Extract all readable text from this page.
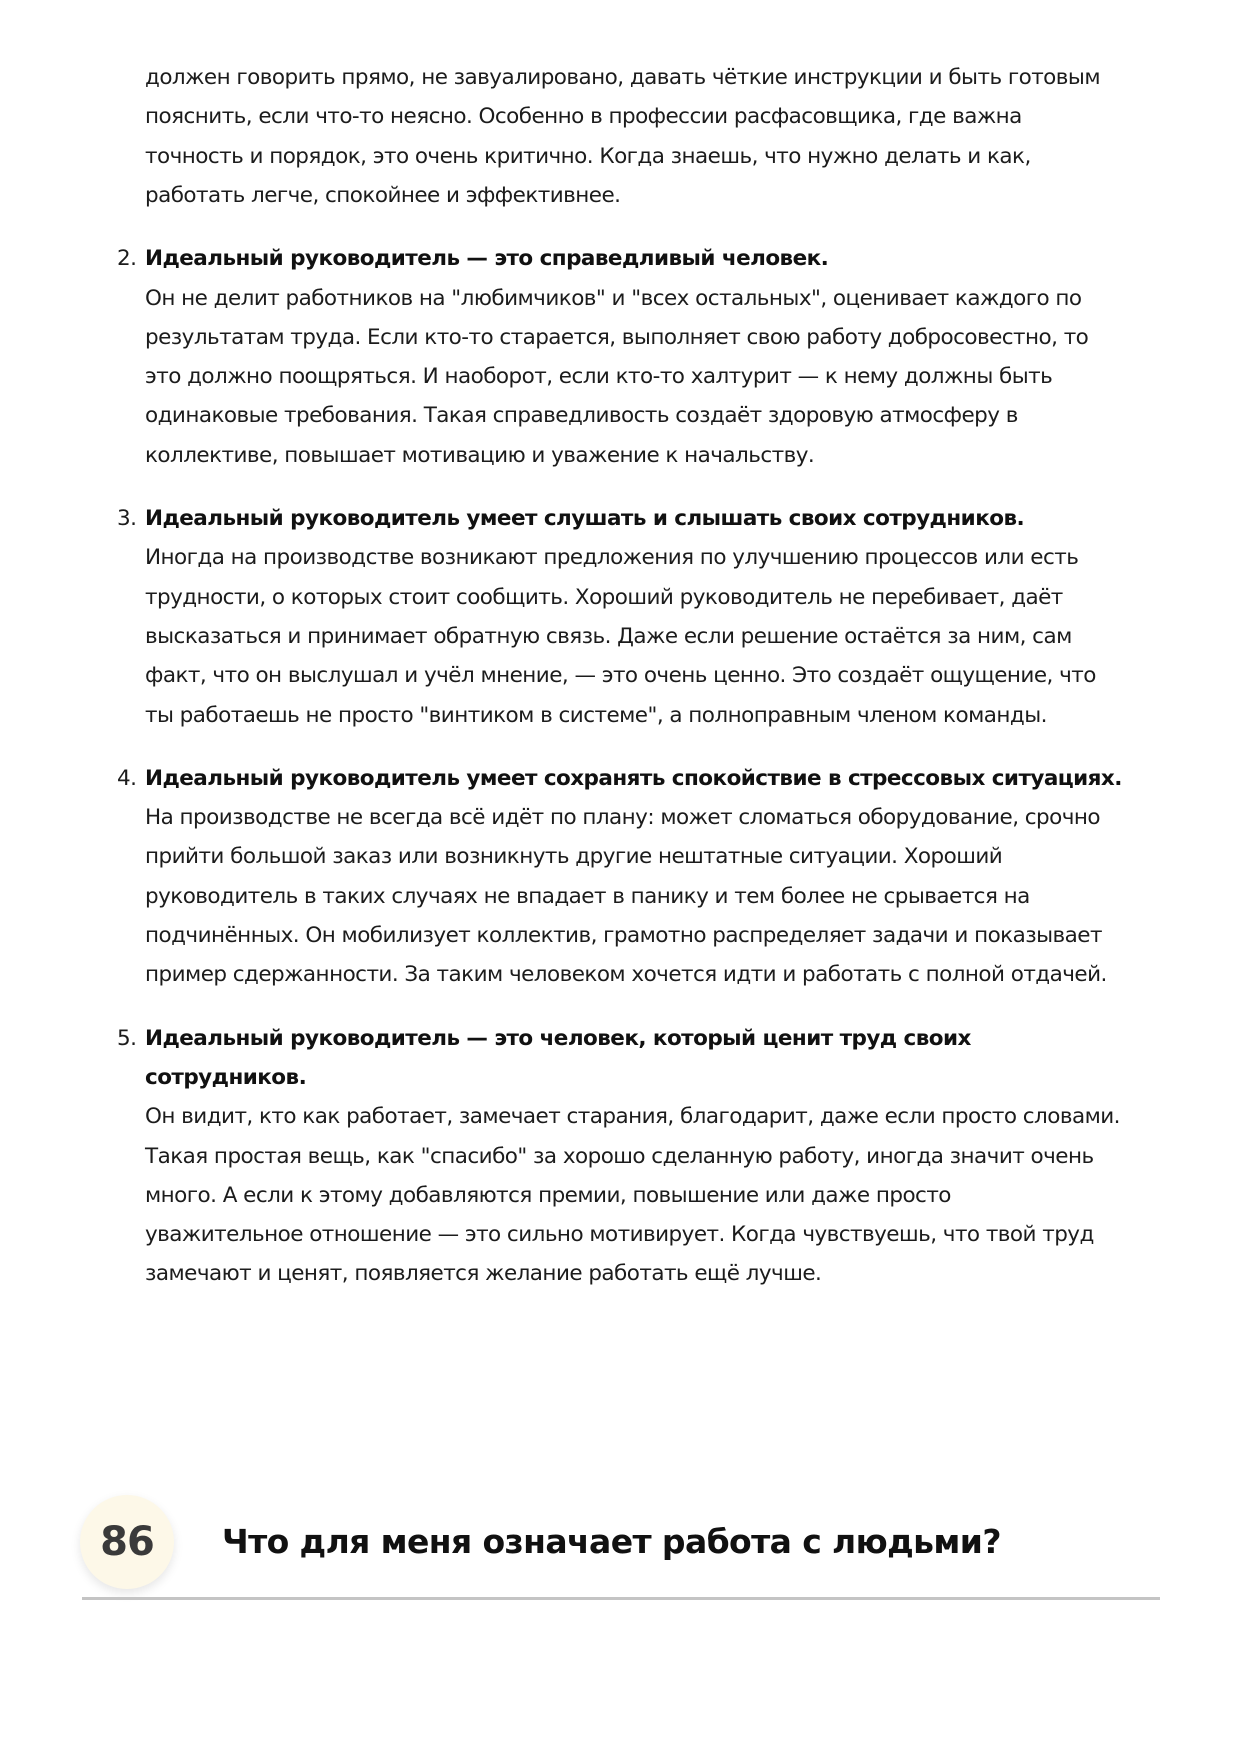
должен говорить прямо, не завуалировано, давать чёткие инструкции и быть готовым
пояснить, если что-то неясно. Особенно в профессии расфасовщика, где важна
точность и порядок, это очень критично. Когда знаешь, что нужно делать и как,
работать легче, спокойнее и эффективнее.
2. Идеальный руководитель — это справедливый человек.
Он не делит работников на "любимчиков" и "всех остальных", оценивает каждого по
результатам труда. Если кто-то старается, выполняет свою работу добросовестно, то
это должно поощряться. И наоборот, если кто-то халтурит — к нему должны быть
одинаковые требования. Такая справедливость создаёт здоровую атмосферу в
коллективе, повышает мотивацию и уважение к начальству.
3. Идеальный руководитель умеет слушать и слышать своих сотрудников.
Иногда на производстве возникают предложения по улучшению процессов или есть
трудности, о которых стоит сообщить. Хороший руководитель не перебивает, даёт
высказаться и принимает обратную связь. Даже если решение остаётся за ним, сам
факт, что он выслушал и учёл мнение, — это очень ценно. Это создаёт ощущение, что
ты работаешь не просто "винтиком в системе", а полноправным членом команды.
4. Идеальный руководитель умеет сохранять спокойствие в стрессовых ситуациях.
На производстве не всегда всё идёт по плану: может сломаться оборудование, срочно
прийти большой заказ или возникнуть другие нештатные ситуации. Хороший
руководитель в таких случаях не впадает в панику и тем более не срывается на
подчинённых. Он мобилизует коллектив, грамотно распределяет задачи и показывает
пример сдержанности. За таким человеком хочется идти и работать с полной отдачей.
5. Идеальный руководитель — это человек, который ценит труд своих
сотрудников.
Он видит, кто как работает, замечает старания, благодарит, даже если просто словами.
Такая простая вещь, как "спасибо" за хорошо сделанную работу, иногда значит очень
много. А если к этому добавляются премии, повышение или даже просто
уважительное отношение — это сильно мотивирует. Когда чувствуешь, что твой труд
замечают и ценят, появляется желание работать ещё лучше.
86 Что для меня означает работа с людьми?
